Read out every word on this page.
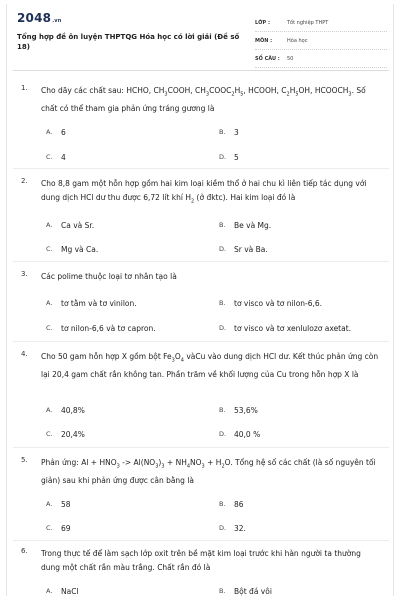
2048.vn
Tổng hợp đề ôn luyện THPTQG Hóa học có lời giải (Đề số 18)
LỚP :	Tốt nghiệp THPT
MÔN :	Hóa học
SỐ CÂU : 50
1. Cho dãy các chất sau: HCHO, $CH_3COOH$, $CH_3COOC_2H_5$, HCOOH, $C_2H_5OH$, $HCOOCH_3$. Số chất có thể tham gia phản ứng tráng gương là
A. 6	B. 3
C. 4	D. 5
2. Cho 8,8 gam một hỗn hợp gồm hai kim loại kiềm thổ ở hai chu kì liên tiếp tác dụng với dung dịch HCl dư thu được 6,72 lít khí $H_2$ (ở đktc). Hai kim loại đó là
A. Ca và Sr.	B. Be và Mg.
C. Mg và Ca.	D. Sr và Ba.
3. Các polime thuộc loại tơ nhân tạo là
A. tơ tằm và tơ vinilon.	B. tơ visco và tơ nilon-6,6.
C. tơ nilon-6,6 và tơ capron.	D. tơ visco và tơ xenlulozơ axetat.
4. Cho 50 gam hỗn hợp X gồm bột $Fe_3O_4$ vàCu vào dung dịch HCl dư. Kết thúc phản ứng còn lại 20,4 gam chất rắn không tan. Phần trăm về khối lượng của Cu trong hỗn hợp X là
A. 40,8%	B. 53,6%
C. 20,4%	D. 40,0 %
5. Phản ứng: $Al + HNO_3 -> Al(NO_3)_3 + NH_4NO_3 + H_2O$. Tổng hệ số các chất (là số nguyên tối giản) sau khi phản ứng được cân bằng là
A. 58	B. 86
C. 69	D. 32.
6. Trong thực tế để làm sạch lớp oxit trên bề mặt kim loại trước khi hàn người ta thường dung một chất rắn màu trắng. Chất rắn đó là
A. NaCl	B. Bột đá vôi
